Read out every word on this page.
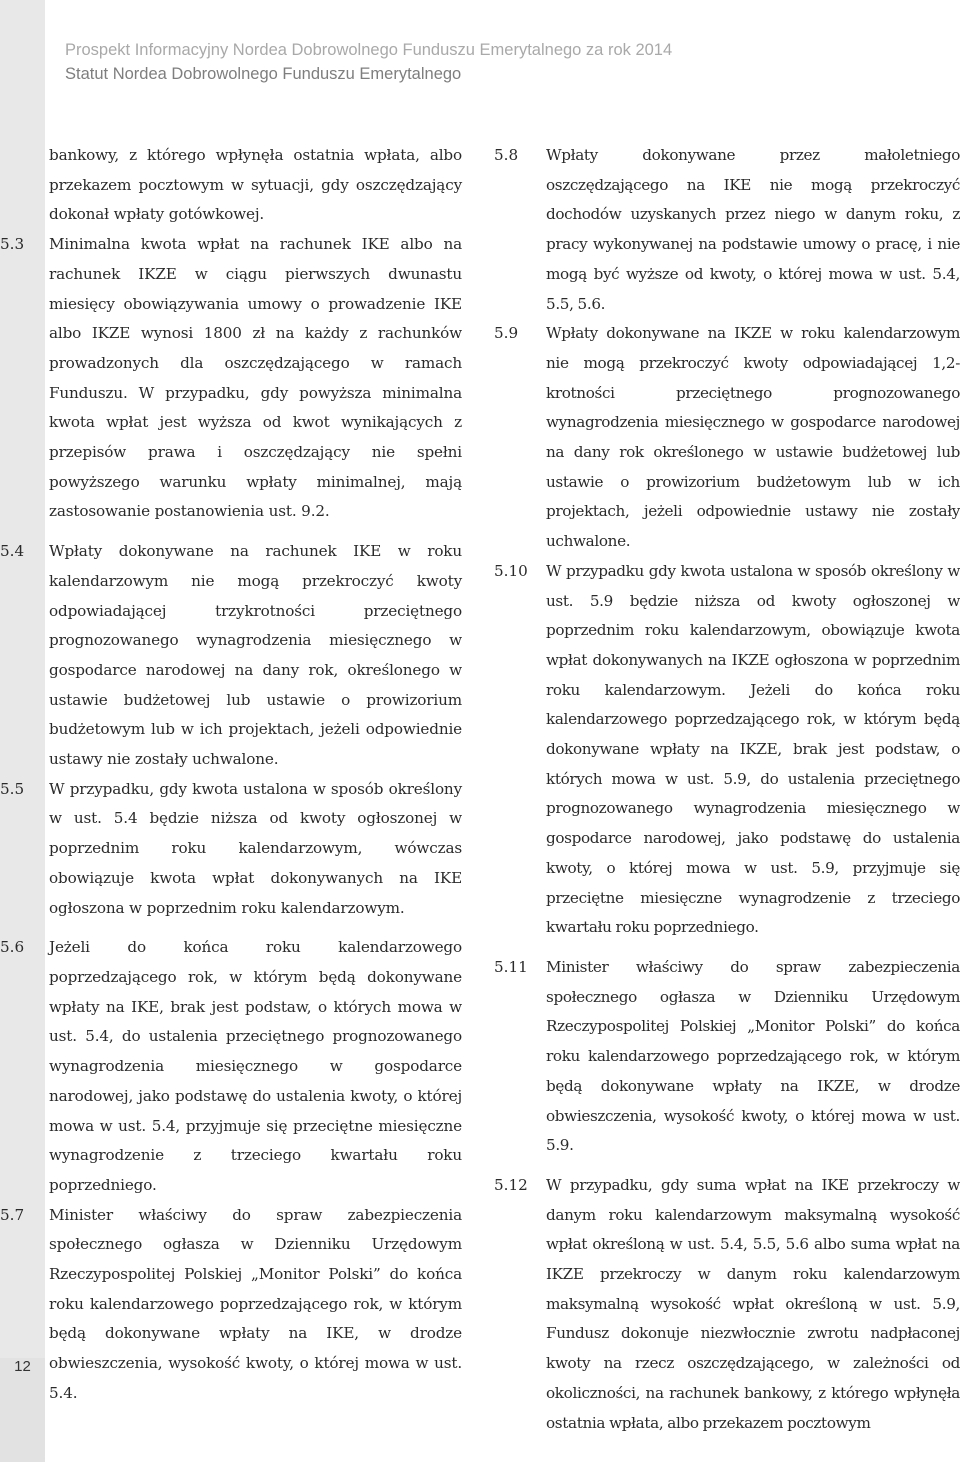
12
Prospekt Informacyjny Nordea Dobrowolnego Funduszu Emerytalnego za rok 2014
Statut Nordea Dobrowolnego Funduszu Emerytalnego
bankowy, z którego wpłynęła ostatnia wpłata, albo przekazem pocztowym w sytuacji, gdy oszczędzający dokonał wpłaty gotówkowej.
5.3	Minimalna kwota wpłat na rachunek IKE albo na rachunek IKZE w ciągu pierwszych dwunastu miesięcy obowiązywania umowy o prowadzenie IKE albo IKZE wynosi 1800 zł na każdy z rachunków prowadzonych dla oszczędzającego w ramach Funduszu. W przypadku, gdy powyższa minimalna kwota wpłat jest wyższa od kwot wynikających z przepisów prawa i oszczędzający nie spełni powyższego warunku wpłaty minimalnej, mają zastosowanie postanowienia ust. 9.2.
5.4	Wpłaty dokonywane na rachunek IKE w roku kalendarzowym nie mogą przekroczyć kwoty odpowiadającej trzykrotności przeciętnego prognozowanego wynagrodzenia miesięcznego w gospodarce narodowej na dany rok, określonego w ustawie budżetowej lub ustawie o prowizorium budżetowym lub w ich projektach, jeżeli odpowiednie ustawy nie zostały uchwalone.
5.5	W przypadku, gdy kwota ustalona w sposób określony w ust. 5.4 będzie niższa od kwoty ogłoszonej w poprzednim roku kalendarzowym, wówczas obowiązuje kwota wpłat dokonywanych na IKE ogłoszona w poprzednim roku kalendarzowym.
5.6	Jeżeli do końca roku kalendarzowego poprzedzającego rok, w którym będą dokonywane wpłaty na IKE, brak jest podstaw, o których mowa w ust. 5.4, do ustalenia przeciętnego prognozowanego wynagrodzenia miesięcznego w gospodarce narodowej, jako podstawę do ustalenia kwoty, o której mowa w ust. 5.4, przyjmuje się przeciętne miesięczne wynagrodzenie z trzeciego kwartału roku poprzedniego.
5.7	Minister właściwy do spraw zabezpieczenia społecznego ogłasza w Dzienniku Urzędowym Rzeczypospolitej Polskiej „Monitor Polski” do końca roku kalendarzowego poprzedzającego rok, w którym będą dokonywane wpłaty na IKE, w drodze obwieszczenia, wysokość kwoty, o której mowa w ust. 5.4.
5.8	Wpłaty dokonywane przez małoletniego oszczędzającego na IKE nie mogą przekroczyć dochodów uzyskanych przez niego w danym roku, z pracy wykonywanej na podstawie umowy o pracę, i nie mogą być wyższe od kwoty, o której mowa w ust. 5.4, 5.5, 5.6.
5.9	Wpłaty dokonywane na IKZE w roku kalendarzowym nie mogą przekroczyć kwoty odpowiadającej 1,2-krotności przeciętnego prognozowanego wynagrodzenia miesięcznego w gospodarce narodowej na dany rok określonego w ustawie budżetowej lub ustawie o prowizorium budżetowym lub w ich projektach, jeżeli odpowiednie ustawy nie zostały uchwalone.
5.10	W przypadku gdy kwota ustalona w sposób określony w ust. 5.9 będzie niższa od kwoty ogłoszonej w poprzednim roku kalendarzowym, obowiązuje kwota wpłat dokonywanych na IKZE ogłoszona w poprzednim roku kalendarzowym. Jeżeli do końca roku kalendarzowego poprzedzającego rok, w którym będą dokonywane wpłaty na IKZE, brak jest podstaw, o których mowa w ust. 5.9, do ustalenia przeciętnego prognozowanego wynagrodzenia miesięcznego w gospodarce narodowej, jako podstawę do ustalenia kwoty, o której mowa w ust. 5.9, przyjmuje się przeciętne miesięczne wynagrodzenie z trzeciego kwartału roku poprzedniego.
5.11	Minister właściwy do spraw zabezpieczenia społecznego ogłasza w Dzienniku Urzędowym Rzeczypospolitej Polskiej „Monitor Polski” do końca roku kalendarzowego poprzedzającego rok, w którym będą dokonywane wpłaty na IKZE, w drodze obwieszczenia, wysokość kwoty, o której mowa w ust. 5.9.
5.12	W przypadku, gdy suma wpłat na IKE przekroczy w danym roku kalendarzowym maksymalną wysokość wpłat określoną w ust. 5.4, 5.5, 5.6 albo suma wpłat na IKZE przekroczy w danym roku kalendarzowym maksymalną wysokość wpłat określoną w ust. 5.9, Fundusz dokonuje niezwłocznie zwrotu nadpłaconej kwoty na rzecz oszczędzającego, w zależności od okoliczności, na rachunek bankowy, z którego wpłynęła ostatnia wpłata, albo przekazem pocztowym
